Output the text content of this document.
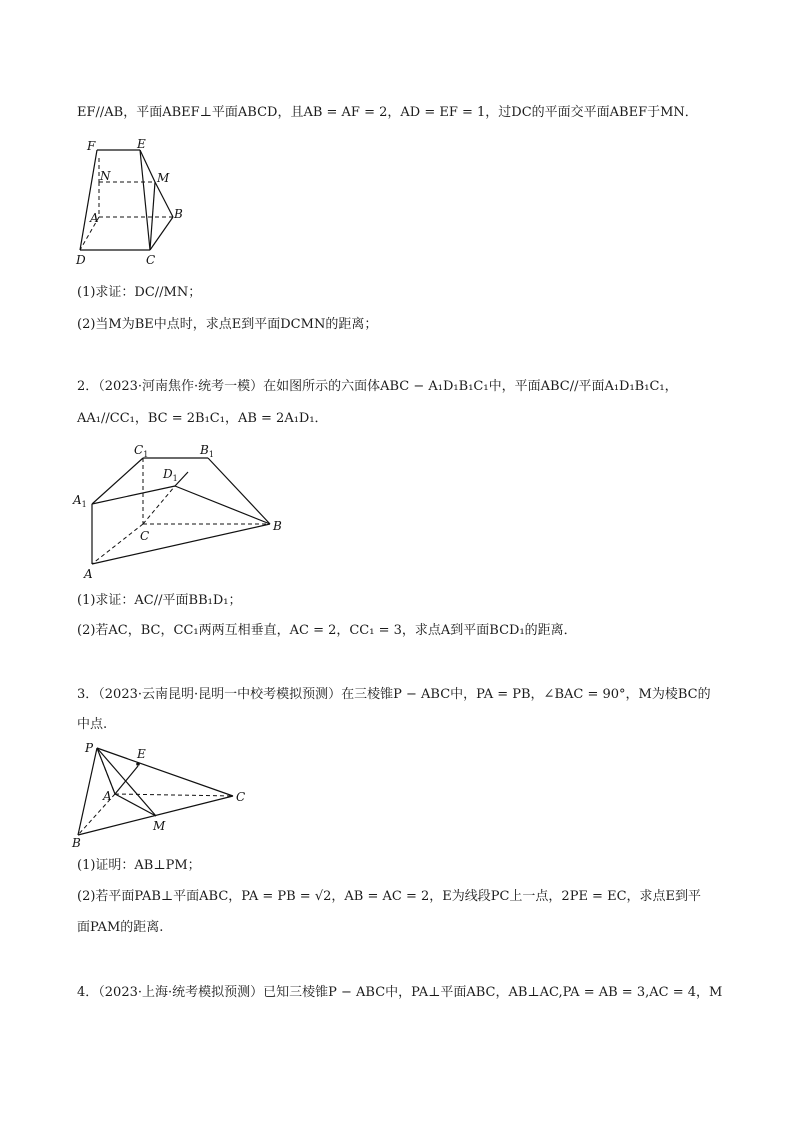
EF//AB，平面ABEF⊥平面ABCD，且AB = AF = 2，AD = EF = 1，过DC的平面交平面ABEF于MN．
F	E
N	M
A	B
D	C
(1)求证：DC//MN；
(2)当M为BE中点时，求点E到平面DCMN的距离；
2．（2023·河南焦作·统考一模）在如图所示的六面体ABC − A₁D₁B₁C₁中，平面ABC//平面A₁D₁B₁C₁，
AA₁//CC₁，BC = 2B₁C₁，AB = 2A₁D₁．
$C_1$	$B_1$
$D_1$
$A_1$
C
B
A
(1)求证：AC//平面BB₁D₁；
(2)若AC，BC，CC₁两两互相垂直，AC = 2，CC₁ = 3，求点A到平面BCD₁的距离．
3．（2023·云南昆明·昆明一中校考模拟预测）在三棱锥P − ABC中，PA = PB，∠BAC = 90°，M为棱BC的
中点.
P	E
A	C
M
B
(1)证明：AB⊥PM；
(2)若平面PAB⊥平面ABC，PA = PB = √2，AB = AC = 2，E为线段PC上一点，2PE = EC，求点E到平
面PAM的距离.
4．（2023·上海·统考模拟预测）已知三棱锥P − ABC中，PA⊥平面ABC，AB⊥AC,PA = AB = 3,AC = 4，M
